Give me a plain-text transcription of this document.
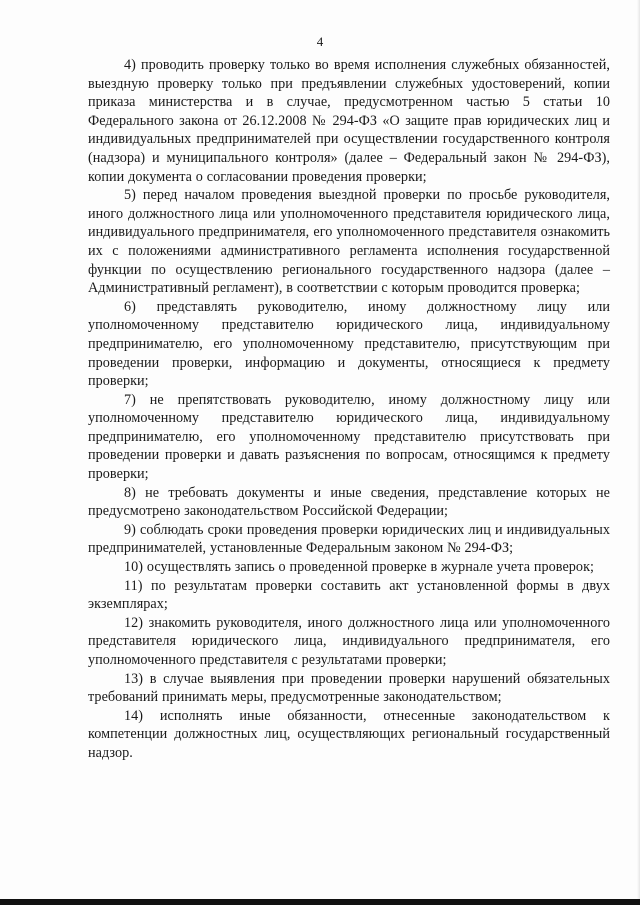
4

4) проводить проверку только во время исполнения служебных обязанностей, выездную проверку только при предъявлении служебных удостоверений, копии приказа министерства и в случае, предусмотренном частью 5 статьи 10 Федерального закона от 26.12.2008 № 294-ФЗ «О защите прав юридических лиц и индивидуальных предпринимателей при осуществлении государственного контроля (надзора) и муниципального контроля» (далее – Федеральный закон № 294-ФЗ), копии документа о согласовании проведения проверки;

5) перед началом проведения выездной проверки по просьбе руководителя, иного должностного лица или уполномоченного представителя юридического лица, индивидуального предпринимателя, его уполномоченного представителя ознакомить их с положениями административного регламента исполнения государственной функции по осуществлению регионального государственного надзора (далее – Административный регламент), в соответствии с которым проводится проверка;

6) представлять руководителю, иному должностному лицу или уполномоченному представителю юридического лица, индивидуальному предпринимателю, его уполномоченному представителю, присутствующим при проведении проверки, информацию и документы, относящиеся к предмету проверки;

7) не препятствовать руководителю, иному должностному лицу или уполномоченному представителю юридического лица, индивидуальному предпринимателю, его уполномоченному представителю присутствовать при проведении проверки и давать разъяснения по вопросам, относящимся к предмету проверки;

8) не требовать документы и иные сведения, представление которых не предусмотрено законодательством Российской Федерации;

9) соблюдать сроки проведения проверки юридических лиц и индивидуальных предпринимателей, установленные Федеральным законом № 294-ФЗ;

10) осуществлять запись о проведенной проверке в журнале учета проверок;

11) по результатам проверки составить акт установленной формы в двух экземплярах;

12) знакомить руководителя, иного должностного лица или уполномоченного представителя юридического лица, индивидуального предпринимателя, его уполномоченного представителя с результатами проверки;

13) в случае выявления при проведении проверки нарушений обязательных требований принимать меры, предусмотренные законодательством;

14) исполнять иные обязанности, отнесенные законодательством к компетенции должностных лиц, осуществляющих региональный государственный надзор.
